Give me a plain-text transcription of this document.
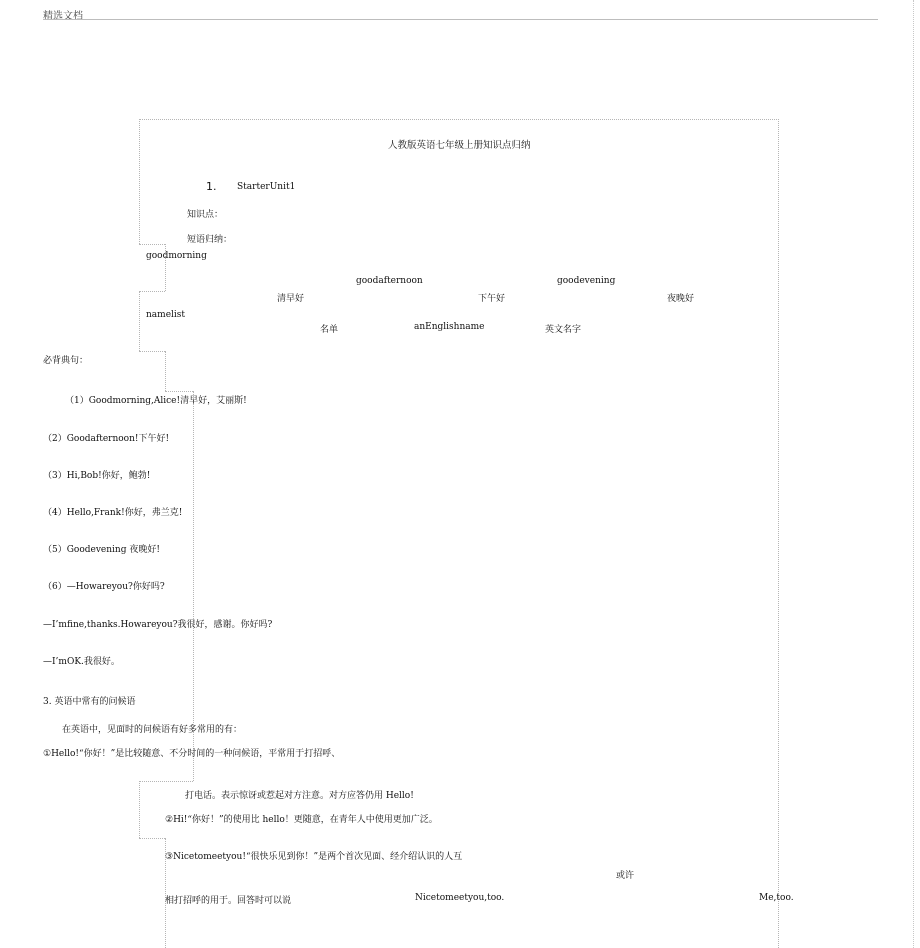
精选文档
人教版英语七年级上册知识点归纳
1. StarterUnit1
知识点：
短语归纳：
goodmorning
goodafternoon	goodevening
清早好	下午好	夜晚好
namelist
名单	anEnglishname	英文名字
必背典句：
（1）Goodmorning,Alice!清早好，艾丽斯!
（2）Goodafternoon!下午好!
（3）Hi,Bob!你好，鲍勃!
（4）Hello,Frank!你好，弗兰克!
（5）Goodevening 夜晚好!
（6）—Howareyou?你好吗?
—I’mfine,thanks.Howareyou?我很好，感谢。你好吗?
—I’mOK.我很好。
3. 英语中常有的问候语
在英语中，见面时的问候语有好多常用的有：
①Hello!“你好！”是比较随意、不分时间的一种问候语，平常用于打招呼、
打电话。表示惊讶或惹起对方注意。对方应答仍用 Hello!
②Hi!“你好！”的使用比 hello！更随意，在青年人中使用更加广泛。
③Nicetomeetyou!“很快乐见到你！”是两个首次见面、经介绍认识的人互
或许
相打招呼的用于。回答时可以说	Nicetomeetyou,too.	Me,too.
